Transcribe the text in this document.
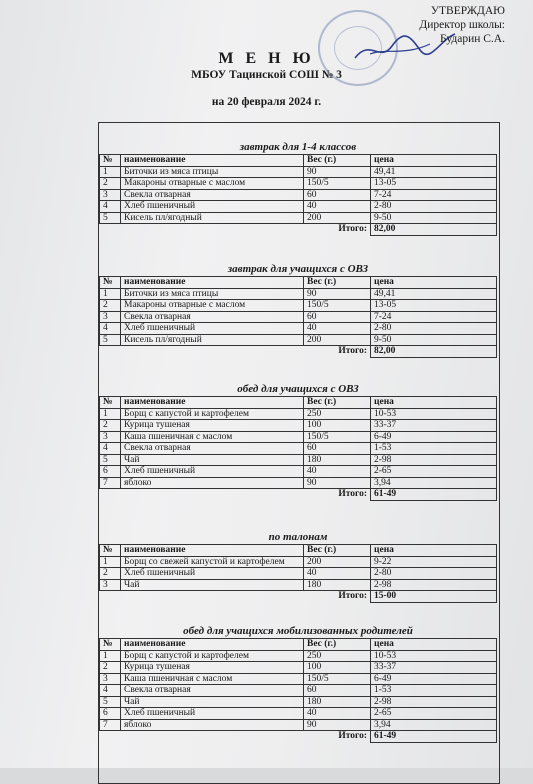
УТВЕРЖДАЮ
Директор школы:
Бударин С.А.
М Е Н Ю
МБОУ Тацинской СОШ № 3
на 20 февраля 2024 г.
завтрак для 1-4 классов
№	наименование	Вес (г.)	цена
1	Биточки из мяса птицы	90	49,41
2	Макароны отварные с маслом	150/5	13-05
3	Свекла отварная	60	7-24
4	Хлеб пшеничный	40	2-80
5	Кисель пл/ягодный	200	9-50
Итого:			82,00
завтрак для учащихся с ОВЗ
№	наименование	Вес (г.)	цена
1	Биточки из мяса птицы	90	49,41
2	Макароны отварные с маслом	150/5	13-05
3	Свекла отварная	60	7-24
4	Хлеб пшеничный	40	2-80
5	Кисель пл/ягодный	200	9-50
Итого:			82,00
обед для учащихся с ОВЗ
№	наименование	Вес (г.)	цена
1	Борщ с капустой и картофелем	250	10-53
2	Курица тушеная	100	33-37
3	Каша пшеничная с маслом	150/5	6-49
4	Свекла отварная	60	1-53
5	Чай	180	2-98
6	Хлеб пшеничный	40	2-65
7	яблоко	90	3,94
Итого:			61-49
по талонам
№	наименование	Вес (г.)	цена
1	Борщ со свежей капустой и картофелем	200	9-22
2	Хлеб пшеничный	40	2-80
3	Чай	180	2-98
Итого:			15-00
обед для учащихся мобилизованных родителей
№	наименование	Вес (г.)	цена
1	Борщ с капустой и картофелем	250	10-53
2	Курица тушеная	100	33-37
3	Каша пшеничная с маслом	150/5	6-49
4	Свекла отварная	60	1-53
5	Чай	180	2-98
6	Хлеб пшеничный	40	2-65
7	яблоко	90	3,94
Итого:			61-49
